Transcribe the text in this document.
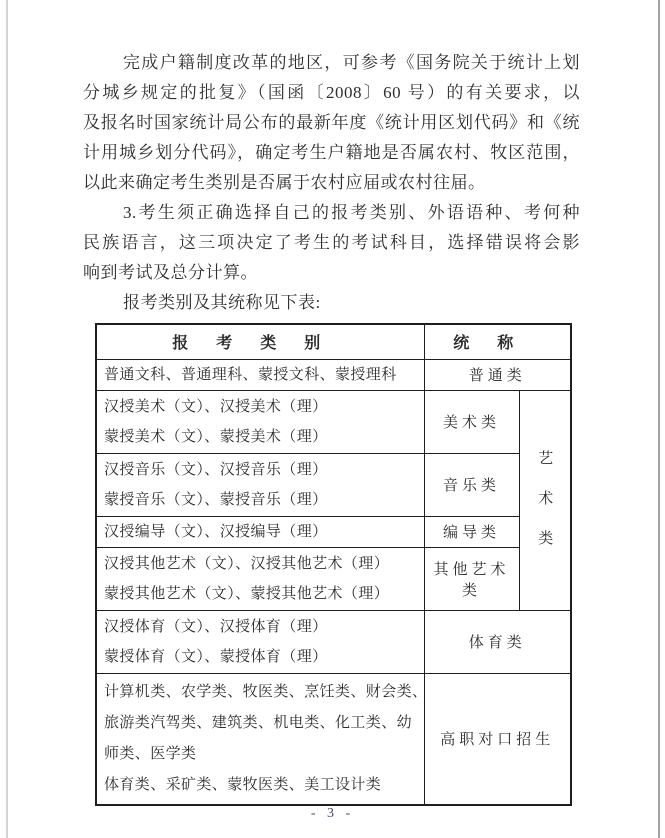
完成户籍制度改革的地区，可参考《国务院关于统计上划
分城乡规定的批复》（国函〔2008〕60 号）的有关要求，以
及报名时国家统计局公布的最新年度《统计用区划代码》和《统
计用城乡划分代码》，确定考生户籍地是否属农村、牧区范围，
以此来确定考生类别是否属于农村应届或农村往届。
3.考生须正确选择自己的报考类别、外语语种、考何种
民族语言，这三项决定了考生的考试科目，选择错误将会影
响到考试及总分计算。
报考类别及其统称见下表:
报考类别	统称	

普通文科、普通理科、蒙授文科、蒙授理科	普通类	

汉授美术（文）、汉授美术（理）
蒙授美术（文）、蒙授美术（理）	美术类	艺术类

汉授音乐（文）、汉授音乐（理）
蒙授音乐（文）、蒙授音乐（理）	音乐类	

汉授编导（文）、汉授编导（理）	编导类	

汉授其他艺术（文）、汉授其他艺术（理）
蒙授其他艺术（文）、蒙授其他艺术（理）	其他艺术类	

汉授体育（文）、汉授体育（理）
蒙授体育（文）、蒙授体育（理）	体育类	

计算机类、农学类、牧医类、烹饪类、财会类、
旅游类汽驾类、建筑类、机电类、化工类、幼
师类、医学类
体育类、采矿类、蒙牧医类、美工设计类	高职对口招生	
- 3 -
